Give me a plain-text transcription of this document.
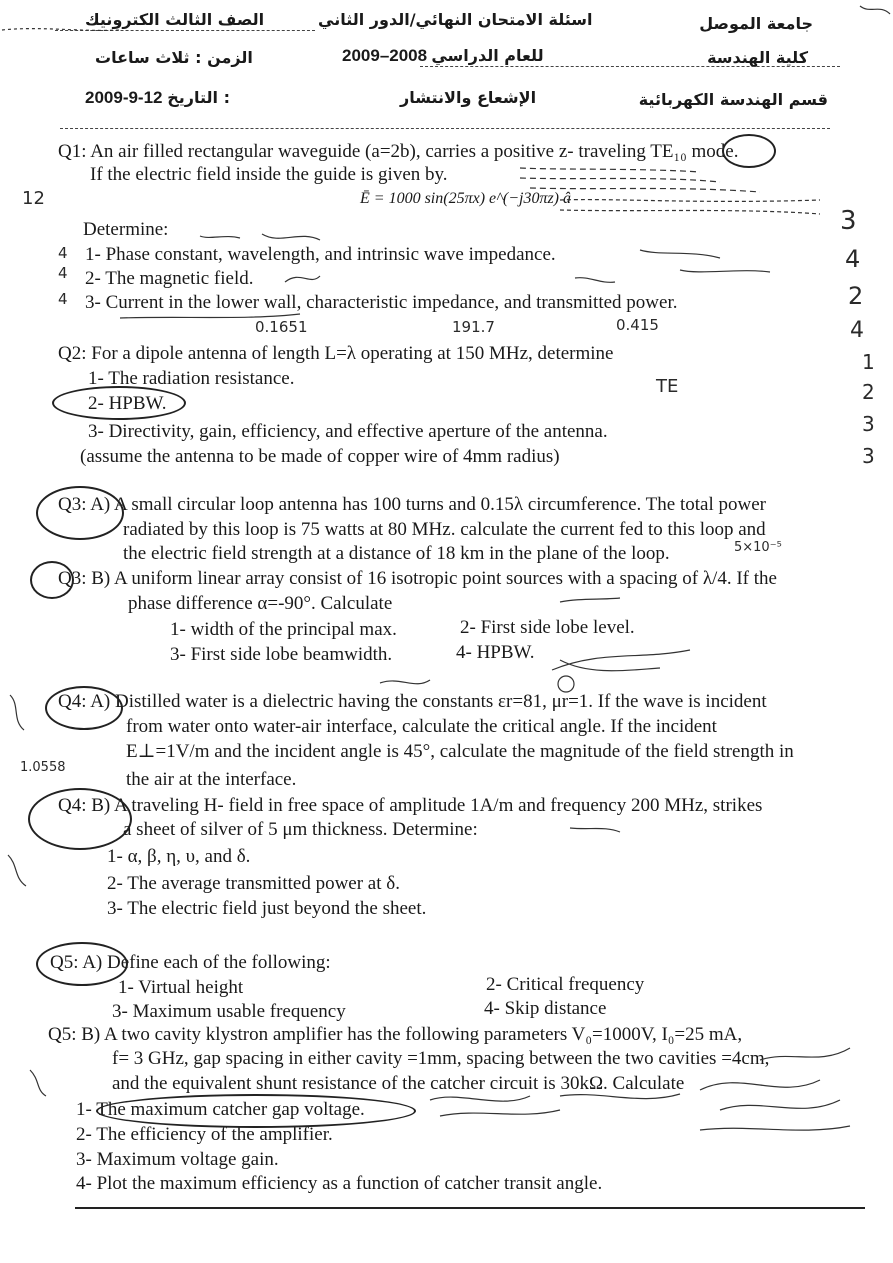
جامعة الموصل
اسئلة الامتحان النهائي/الدور الثاني
الصف الثالث الكترونيك
كلية الهندسة
2009–2008 للعام الدراسي
الزمن : ثلاث ساعات
قسم الهندسة الكهربائية
الإشعاع والانتشار
2009-9-12 التاريخ :
Q1: An air filled rectangular waveguide (a=2b), carries a positive z- traveling TE₁₀ mode.
If the electric field inside the guide is given by.
Ē = 1000 sin(25πx) e^(−j30πz) â
Determine:
1- Phase constant, wavelength, and intrinsic wave impedance.
2- The magnetic field.
3- Current in the lower wall, characteristic impedance, and transmitted power.
Q2: For a dipole antenna of length L=λ operating at 150 MHz, determine
1- The radiation resistance.
2- HPBW.
3- Directivity, gain, efficiency, and effective aperture of the antenna.
(assume the antenna to be made of copper wire of 4mm radius)
Q3: A) A small circular loop antenna has 100 turns and 0.15λ circumference. The total power
radiated by this loop is 75 watts at 80 MHz. calculate the current fed to this loop and
the electric field strength at a distance of 18 km in the plane of the loop.
Q3: B) A uniform linear array consist of 16 isotropic point sources with a spacing of λ/4. If the
phase difference α=-90°. Calculate
1- width of the principal max.	2- First side lobe level.
3- First side lobe beamwidth.	4- HPBW.
Q4: A) Distilled water is a dielectric having the constants εr=81, μr=1. If the wave is incident
from water onto water-air interface, calculate the critical angle. If the incident
E⊥=1V/m and the incident angle is 45°, calculate the magnitude of the field strength in
the air at the interface.
Q4: B) A traveling H- field in free space of amplitude 1A/m and frequency 200 MHz, strikes
a sheet of silver of 5 μm thickness. Determine:
1- α, β, η, υ, and δ.
2- The average transmitted power at δ.
3- The electric field just beyond the sheet.
Q5: A) Define each of the following:
1- Virtual height	2- Critical frequency
3- Maximum usable frequency	4- Skip distance
Q5: B) A two cavity klystron amplifier has the following parameters V₀=1000V, I₀=25 mA,
f= 3 GHz, gap spacing in either cavity =1mm, spacing between the two cavities =4cm,
and the equivalent shunt resistance of the catcher circuit is 30kΩ. Calculate
1- The maximum catcher gap voltage.
2- The efficiency of the amplifier.
3- Maximum voltage gain.
4- Plot the maximum efficiency as a function of catcher transit angle.
12
4
4
4
0.1651	191.7	0.415
TE
5×10⁻⁵
1.0558
3
4
2
4
1
2
3
3
